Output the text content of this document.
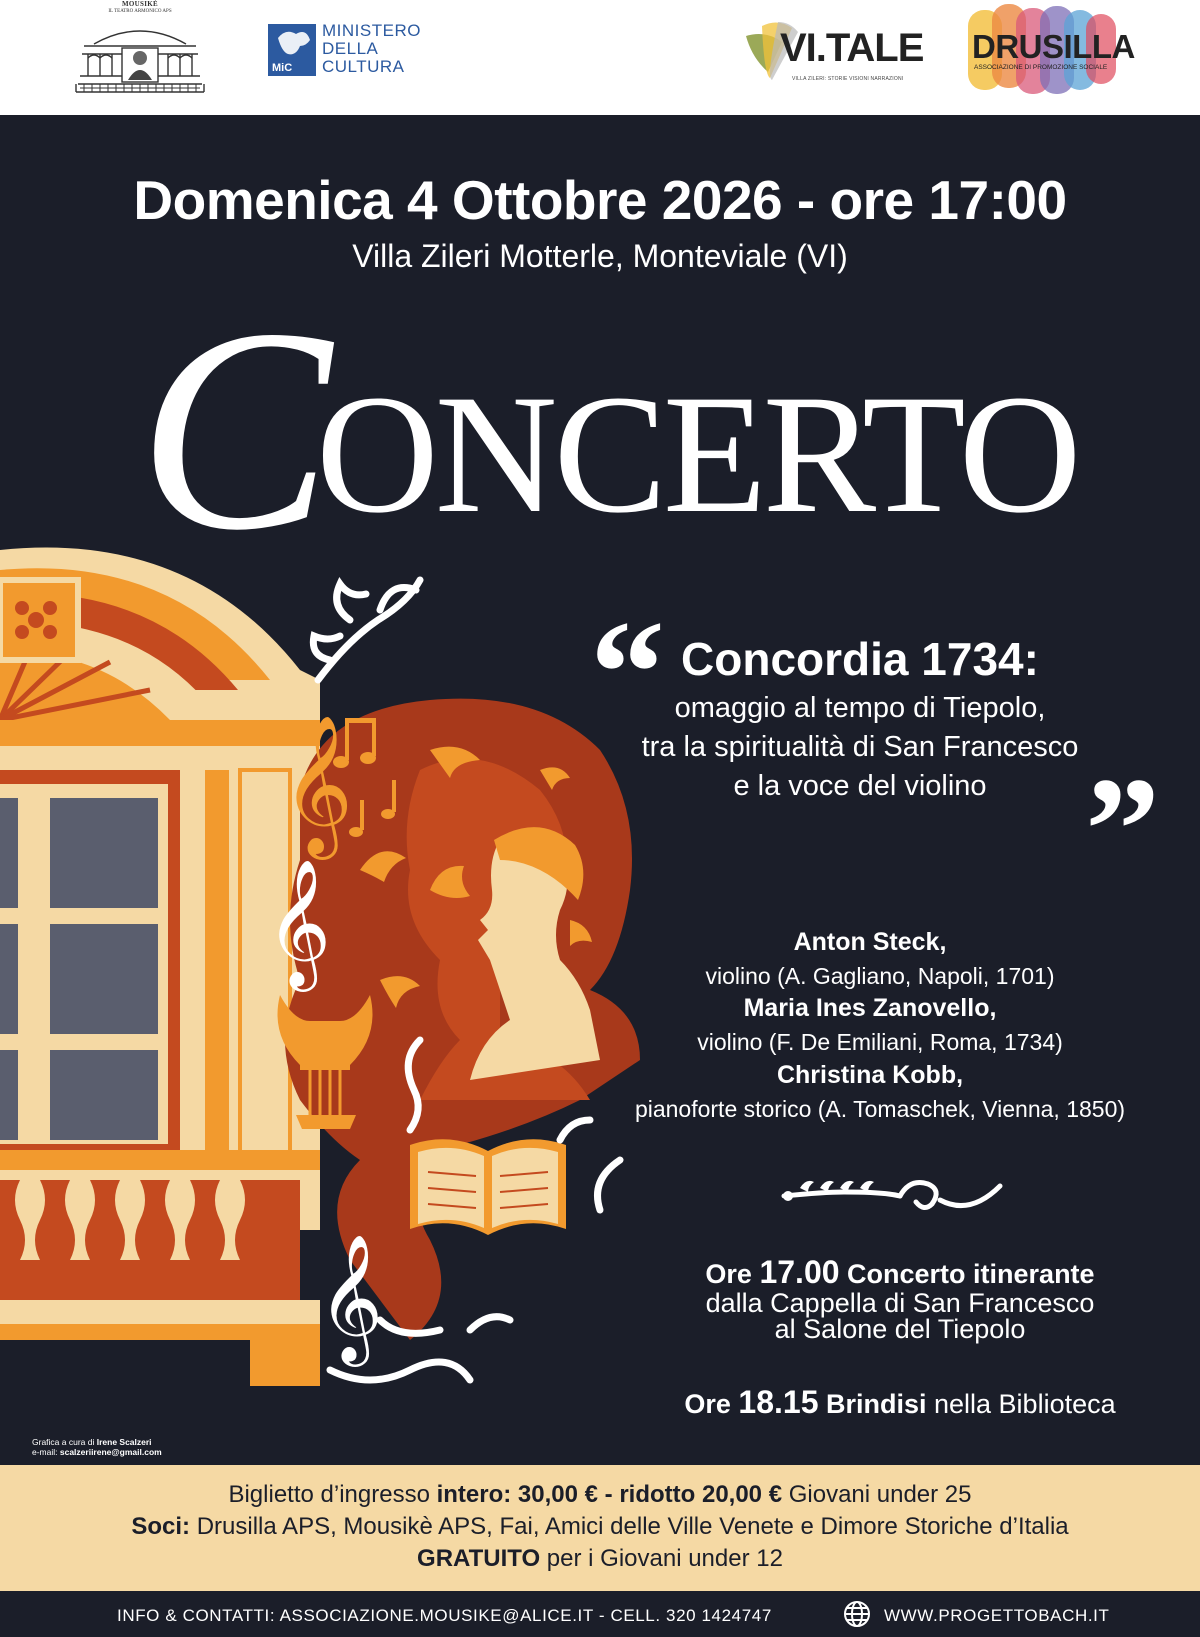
MOUSIKÈ
IL TEATRO ARMONICO APS
MiC
MINISTERO
DELLA
CULTURA	VI.TALE
VILLA ZILERI: STORIE VISIONI NARRAZIONI
DRUSILLA
ASSOCIAZIONE DI PROMOZIONE SOCIALE
Domenica 4 Ottobre 2026 - ore 17:00
Villa Zileri Motterle, Monteviale (VI)
C
ONCERTO
𝄞
𝄞
𝄞
“
”
Concordia 1734:
omaggio al tempo di Tiepolo,
tra la spiritualità di San Francesco
e la voce del violino
Anton Steck,
violino (A. Gagliano, Napoli, 1701)
Maria Ines Zanovello,
violino (F. De Emiliani, Roma, 1734)
Christina Kobb,
pianoforte storico (A. Tomaschek, Vienna, 1850)
Ore 17.00 Concerto itinerante
dalla Cappella di San Francesco
al Salone del Tiepolo
Ore 18.15 Brindisi nella Biblioteca
Grafica a cura di Irene Scalzeri
e-mail: scalzeriirene@gmail.com
Biglietto d’ingresso intero: 30,00 € - ridotto 20,00 € Giovani under 25
Soci: Drusilla APS, Mousikè APS, Fai, Amici delle Ville Venete e Dimore Storiche d’Italia
GRATUITO per i Giovani under 12
INFO & CONTATTI: ASSOCIAZIONE.MOUSIKE@ALICE.IT - CELL. 320 1424747	WWW.PROGETTOBACH.IT
